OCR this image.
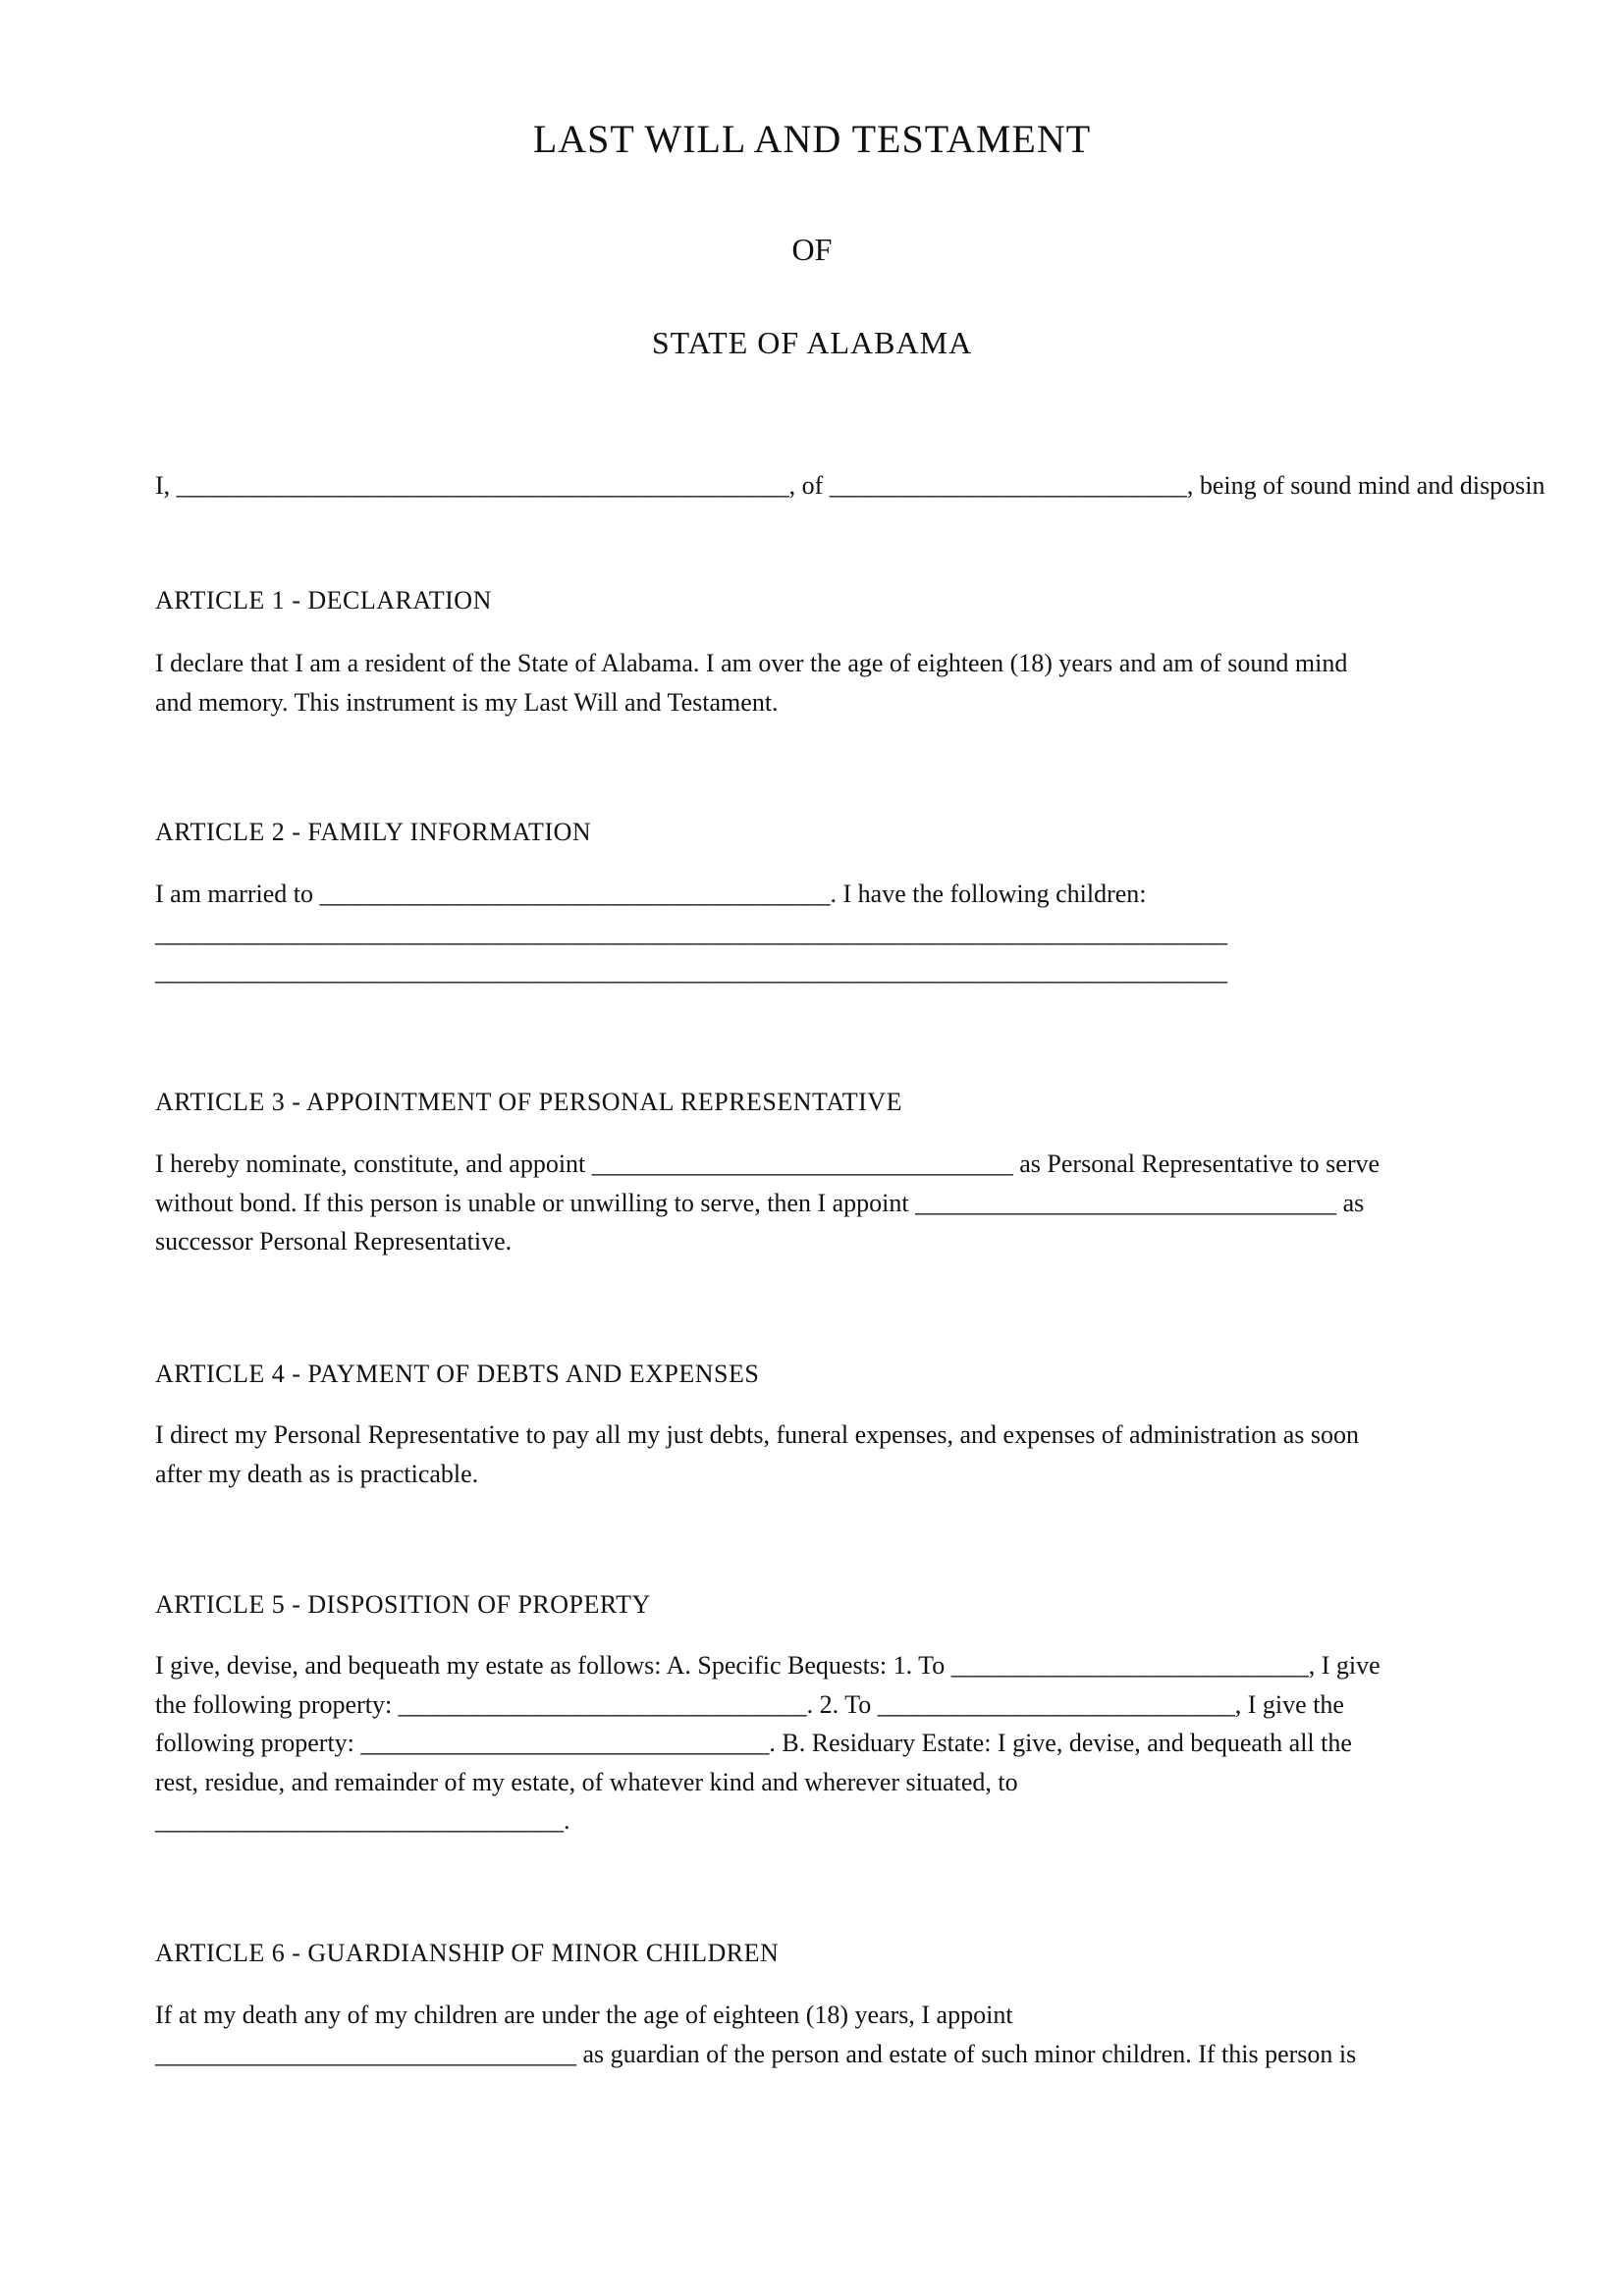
LAST WILL AND TESTAMENT
OF
STATE OF ALABAMA
I, ________________________________________________, of ____________________________, being of sound mind and disposin
ARTICLE 1 - DECLARATION
I declare that I am a resident of the State of Alabama. I am over the age of eighteen (18) years and am of sound mind
and memory. This instrument is my Last Will and Testament.
ARTICLE 2 - FAMILY INFORMATION
I am married to ________________________________________. I have the following children:
____________________________________________________________________________________
____________________________________________________________________________________
ARTICLE 3 - APPOINTMENT OF PERSONAL REPRESENTATIVE
I hereby nominate, constitute, and appoint _________________________________ as Personal Representative to serve
without bond. If this person is unable or unwilling to serve, then I appoint _________________________________ as
successor Personal Representative.
ARTICLE 4 - PAYMENT OF DEBTS AND EXPENSES
I direct my Personal Representative to pay all my just debts, funeral expenses, and expenses of administration as soon
after my death as is practicable.
ARTICLE 5 - DISPOSITION OF PROPERTY
I give, devise, and bequeath my estate as follows: A. Specific Bequests: 1. To ____________________________, I give
the following property: ________________________________. 2. To ____________________________, I give the
following property: ________________________________. B. Residuary Estate: I give, devise, and bequeath all the
rest, residue, and remainder of my estate, of whatever kind and wherever situated, to
________________________________.
ARTICLE 6 - GUARDIANSHIP OF MINOR CHILDREN
If at my death any of my children are under the age of eighteen (18) years, I appoint
_________________________________ as guardian of the person and estate of such minor children. If this person is
